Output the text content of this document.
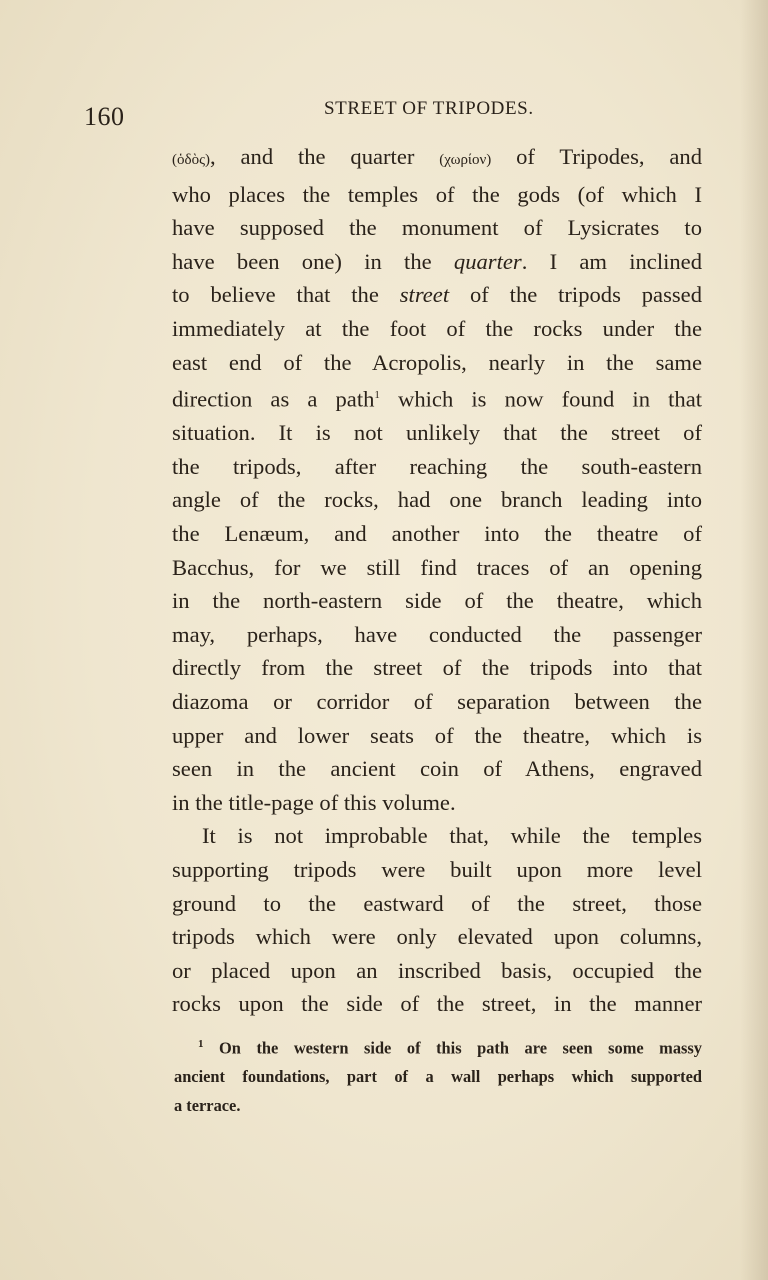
160	STREET OF TRIPODES.
(ὁδὸς), and the quarter (χωρίον) of Tripodes, and
who places the temples of the gods (of which I
have supposed the monument of Lysicrates to
have been one) in the quarter. I am inclined
to believe that the street of the tripods passed
immediately at the foot of the rocks under the
east end of the Acropolis, nearly in the same
direction as a path$^1$ which is now found in that
situation. It is not unlikely that the street of
the tripods, after reaching the south-eastern
angle of the rocks, had one branch leading into
the Lenæum, and another into the theatre of
Bacchus, for we still find traces of an opening
in the north-eastern side of the theatre, which
may, perhaps, have conducted the passenger
directly from the street of the tripods into that
diazoma or corridor of separation between the
upper and lower seats of the theatre, which is
seen in the ancient coin of Athens, engraved
in the title-page of this volume.
It is not improbable that, while the temples
supporting tripods were built upon more level
ground to the eastward of the street, those
tripods which were only elevated upon columns,
or placed upon an inscribed basis, occupied the
rocks upon the side of the street, in the manner
$^1$ On the western side of this path are seen some massy
ancient foundations, part of a wall perhaps which supported
a terrace.
